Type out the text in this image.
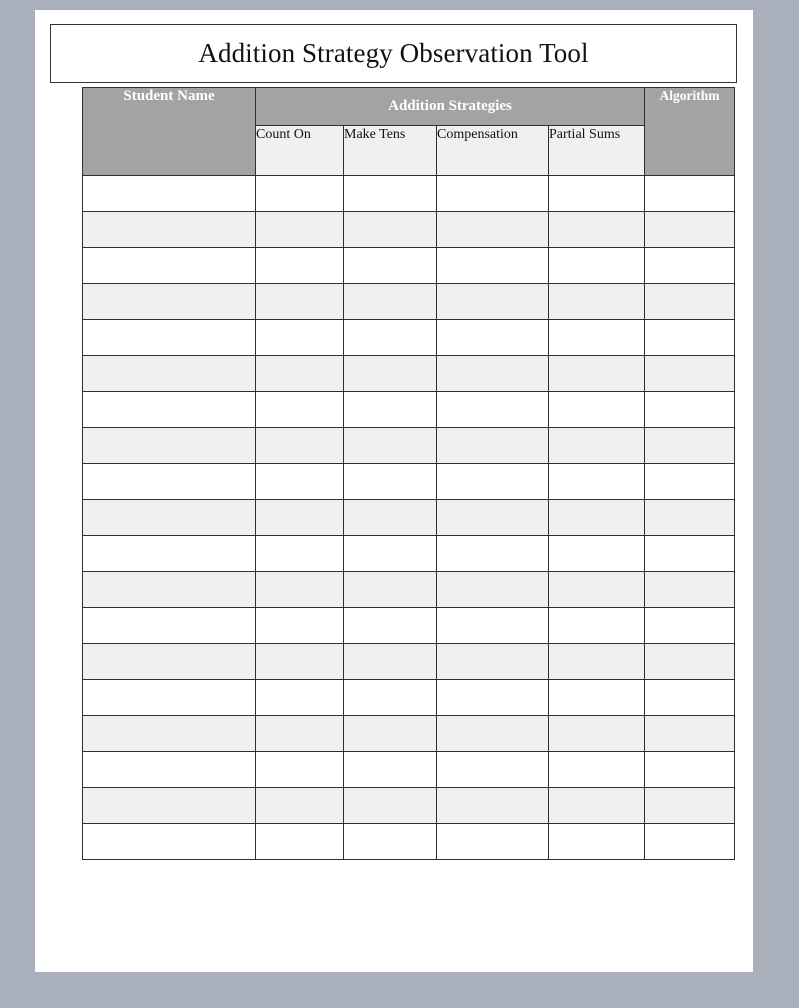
Addition Strategy Observation Tool
Student Name	Addition Strategies				Algorithm
	Count On	Make Tens	Compensation	Partial Sums	
